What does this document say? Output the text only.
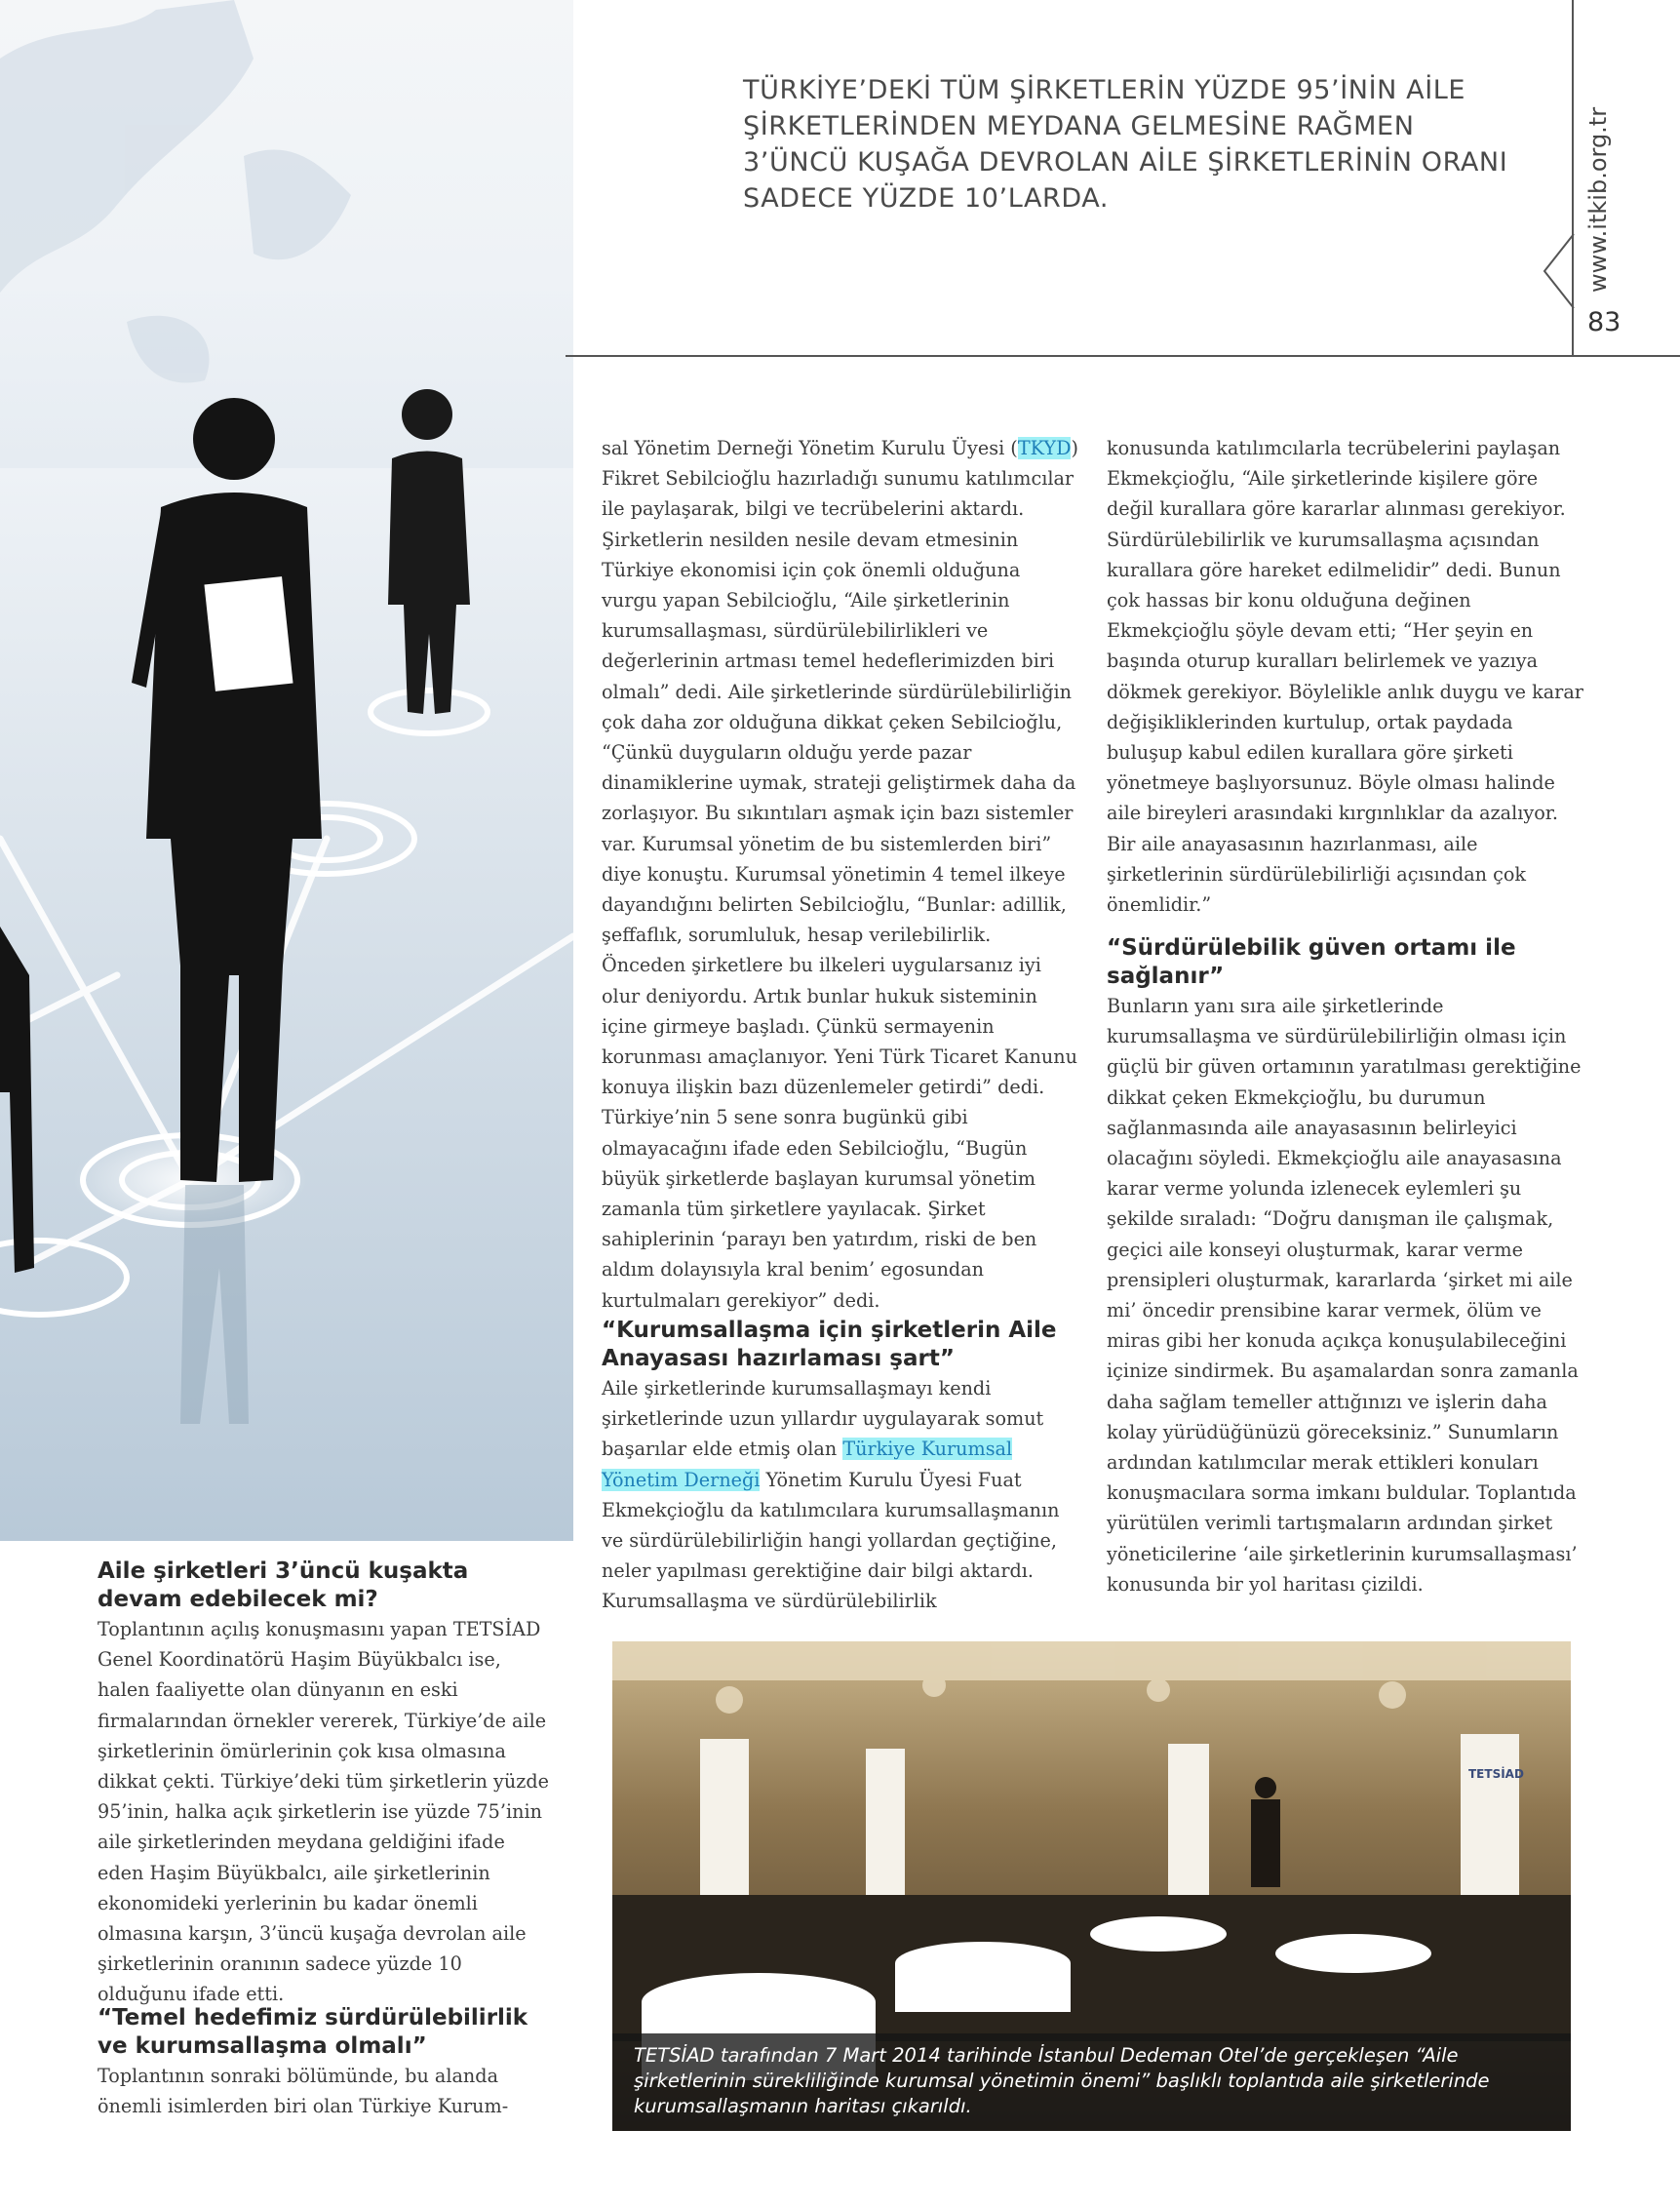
TÜRKİYE’DEKİ TÜM ŞİRKETLERİN YÜZDE 95’İNİN AİLE ŞİRKETLERİNDEN MEYDANA GELMESİNE RAĞMEN 3’ÜNCÜ KUŞAĞA DEVROLAN AİLE ŞİRKETLERİNİN ORANI SADECE YÜZDE 10’LARDA.	www.itkib.org.tr
83
Aile şirketleri 3’üncü kuşakta devam edebilecek mi?

Toplantının açılış konuşmasını yapan TETSİAD Genel Koordinatörü Haşim Büyükbalcı ise, halen faaliyette olan dünyanın en eski firmalarından örnekler vererek, Türkiye’de aile şirketlerinin ömürlerinin çok kısa olmasına dikkat çekti. Türkiye’deki tüm şirketlerin yüzde 95’inin, halka açık şirketlerin ise yüzde 75’inin aile şirketlerinden meydana geldiğini ifade eden Haşim Büyükbalcı, aile şirketlerinin ekonomideki yerlerinin bu kadar önemli olmasına karşın, 3’üncü kuşağa devrolan aile şirketlerinin oranının sadece yüzde 10 olduğunu ifade etti.

“Temel hedefimiz sürdürülebilirlik ve kurumsallaşma olmalı”

Toplantının sonraki bölümünde, bu alanda önemli isimlerden biri olan Türkiye Kurum-

sal Yönetim Derneği Yönetim Kurulu Üyesi (TKYD) Fikret Sebilcioğlu hazırladığı sunumu katılımcılar ile paylaşarak, bilgi ve tecrübelerini aktardı. Şirketlerin nesilden nesile devam etmesinin Türkiye ekonomisi için çok önemli olduğuna vurgu yapan Sebilcioğlu, “Aile şirketlerinin kurumsallaşması, sürdürülebilirlikleri ve değerlerinin artması temel hedeflerimizden biri olmalı” dedi. Aile şirketlerinde sürdürülebilirliğin çok daha zor olduğuna dikkat çeken Sebilcioğlu, “Çünkü duyguların olduğu yerde pazar dinamiklerine uymak, strateji geliştirmek daha da zorlaşıyor. Bu sıkıntıları aşmak için bazı sistemler var. Kurumsal yönetim de bu sistemlerden biri” diye konuştu. Kurumsal yönetimin 4 temel ilkeye dayandığını belirten Sebilcioğlu, “Bunlar: adillik, şeffaflık, sorumluluk, hesap verilebilirlik. Önceden şirketlere bu ilkeleri uygularsanız iyi olur deniyordu. Artık bunlar hukuk sisteminin içine girmeye başladı. Çünkü sermayenin korunması amaçlanıyor. Yeni Türk Ticaret Kanunu konuya ilişkin bazı düzenlemeler getirdi” dedi. Türkiye’nin 5 sene sonra bugünkü gibi olmayacağını ifade eden Sebilcioğlu, “Bugün büyük şirketlerde başlayan kurumsal yönetim zamanla tüm şirketlere yayılacak. Şirket sahiplerinin ‘parayı ben yatırdım, riski de ben aldım dolayısıyla kral benim’ egosundan kurtulmaları gerekiyor” dedi.

“Kurumsallaşma için şirketlerin Aile Anayasası hazırlaması şart”

Aile şirketlerinde kurumsallaşmayı kendi şirketlerinde uzun yıllardır uygulayarak somut başarılar elde etmiş olan Türkiye Kurumsal Yönetim Derneği Yönetim Kurulu Üyesi Fuat Ekmekçioğlu da katılımcılara kurumsallaşmanın ve sürdürülebilirliğin hangi yollardan geçtiğine, neler yapılması gerektiğine dair bilgi aktardı. Kurumsallaşma ve sürdürülebilirlik

konusunda katılımcılarla tecrübelerini paylaşan Ekmekçioğlu, “Aile şirketlerinde kişilere göre değil kurallara göre kararlar alınması gerekiyor. Sürdürülebilirlik ve kurumsallaşma açısından kurallara göre hareket edilmelidir” dedi. Bunun çok hassas bir konu olduğuna değinen Ekmekçioğlu şöyle devam etti; “Her şeyin en başında oturup kuralları belirlemek ve yazıya dökmek gerekiyor. Böylelikle anlık duygu ve karar değişikliklerinden kurtulup, ortak paydada buluşup kabul edilen kurallara göre şirketi yönetmeye başlıyorsunuz. Böyle olması halinde aile bireyleri arasındaki kırgınlıklar da azalıyor. Bir aile anayasasının hazırlanması, aile şirketlerinin sürdürülebilirliği açısından çok önemlidir.”

“Sürdürülebilik güven ortamı ile sağlanır”

Bunların yanı sıra aile şirketlerinde kurumsallaşma ve sürdürülebilirliğin olması için güçlü bir güven ortamının yaratılması gerektiğine dikkat çeken Ekmekçioğlu, bu durumun sağlanmasında aile anayasasının belirleyici olacağını söyledi. Ekmekçioğlu aile anayasasına karar verme yolunda izlenecek eylemleri şu şekilde sıraladı: “Doğru danışman ile çalışmak, geçici aile konseyi oluşturmak, karar verme prensipleri oluşturmak, kararlarda ‘şirket mi aile mi’ öncedir prensibine karar vermek, ölüm ve miras gibi her konuda açıkça konuşulabileceğini içinize sindirmek. Bu aşamalardan sonra zamanla daha sağlam temeller attığınızı ve işlerin daha kolay yürüdüğünüzü göreceksiniz.” Sunumların ardından katılımcılar merak ettikleri konuları konuşmacılara sorma imkanı buldular. Toplantıda yürütülen verimli tartışmaların ardından şirket yöneticilerine ‘aile şirketlerinin kurumsallaşması’ konusunda bir yol haritası çizildi.

TETSİAD
TETSİAD tarafından 7 Mart 2014 tarihinde İstanbul Dedeman Otel’de gerçekleşen “Aile şirketlerinin sürekliliğinde kurumsal yönetimin önemi” başlıklı toplantıda aile şirketlerinde kurumsallaşmanın haritası çıkarıldı.
